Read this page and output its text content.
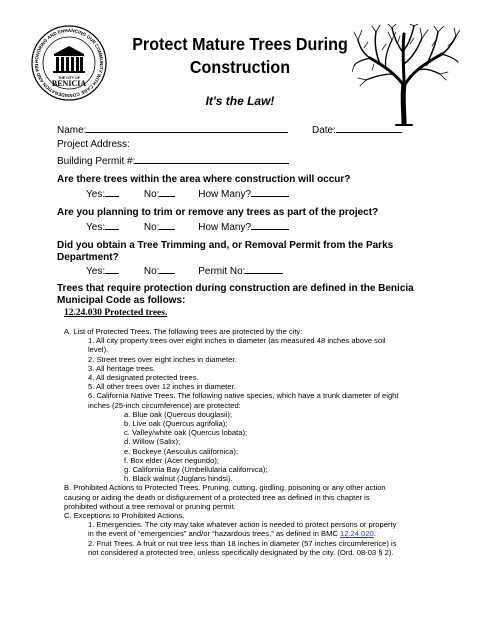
HONORING AND ENHANCING OUR COMMUNITY WITH CARE CONSIDERATION AND PRI
THE CITY OF
BENICIA
Protect Mature Trees During
Construction
It's the Law!
Name:	Date:
Project Address:
Building Permit #:
Are there trees within the area where construction will occur?
Yes:	No:	How Many?
Are you planning to trim or remove any trees as part of the project?
Yes:	No:	How Many?
Did you obtain a Tree Trimming and, or Removal Permit from the Parks
Department?
Yes:	No:	Permit No:
Trees that require protection during construction are defined in the Benicia
Municipal Code as follows:
12.24.030 Protected trees.
A. List of Protected Trees. The following trees are protected by the city:
1. All city property trees over eight inches in diameter (as measured 48 inches above soil
level).
2. Street trees over eight inches in diameter.
3. All heritage trees.
4. All designated protected trees.
5. All other trees over 12 inches in diameter.
6. California Native Trees. The following native species, which have a trunk diameter of eight
inches (25-inch circumference) are protected:
a. Blue oak (Quercus douglasii);
b. Live oak (Quercus agrifolia);
c. Valley/white oak (Quercus lobata);
d. Willow (Salix);
e. Buckeye (Aesculus californica);
f. Box elder (Acer negundo);
g. California Bay (Umbellularia californica);
h. Black walnut (Juglans hindsi).
B. Prohibited Actions to Protected Trees. Pruning, cutting, girdling, poisoning or any other action
causing or aiding the death or disfigurement of a protected tree as defined in this chapter is
prohibited without a tree removal or pruning permit.
C. Exceptions to Prohibited Actions.
1. Emergencies. The city may take whatever action is needed to protect persons or property
in the event of “emergencies” and/or “hazardous trees,” as defined in BMC 12.24.020.
2. Fruit Trees. A fruit or nut tree less than 18 inches in diameter (57 inches circumference) is
not considered a protected tree, unless specifically designated by the city. (Ord. 08-03 § 2).
